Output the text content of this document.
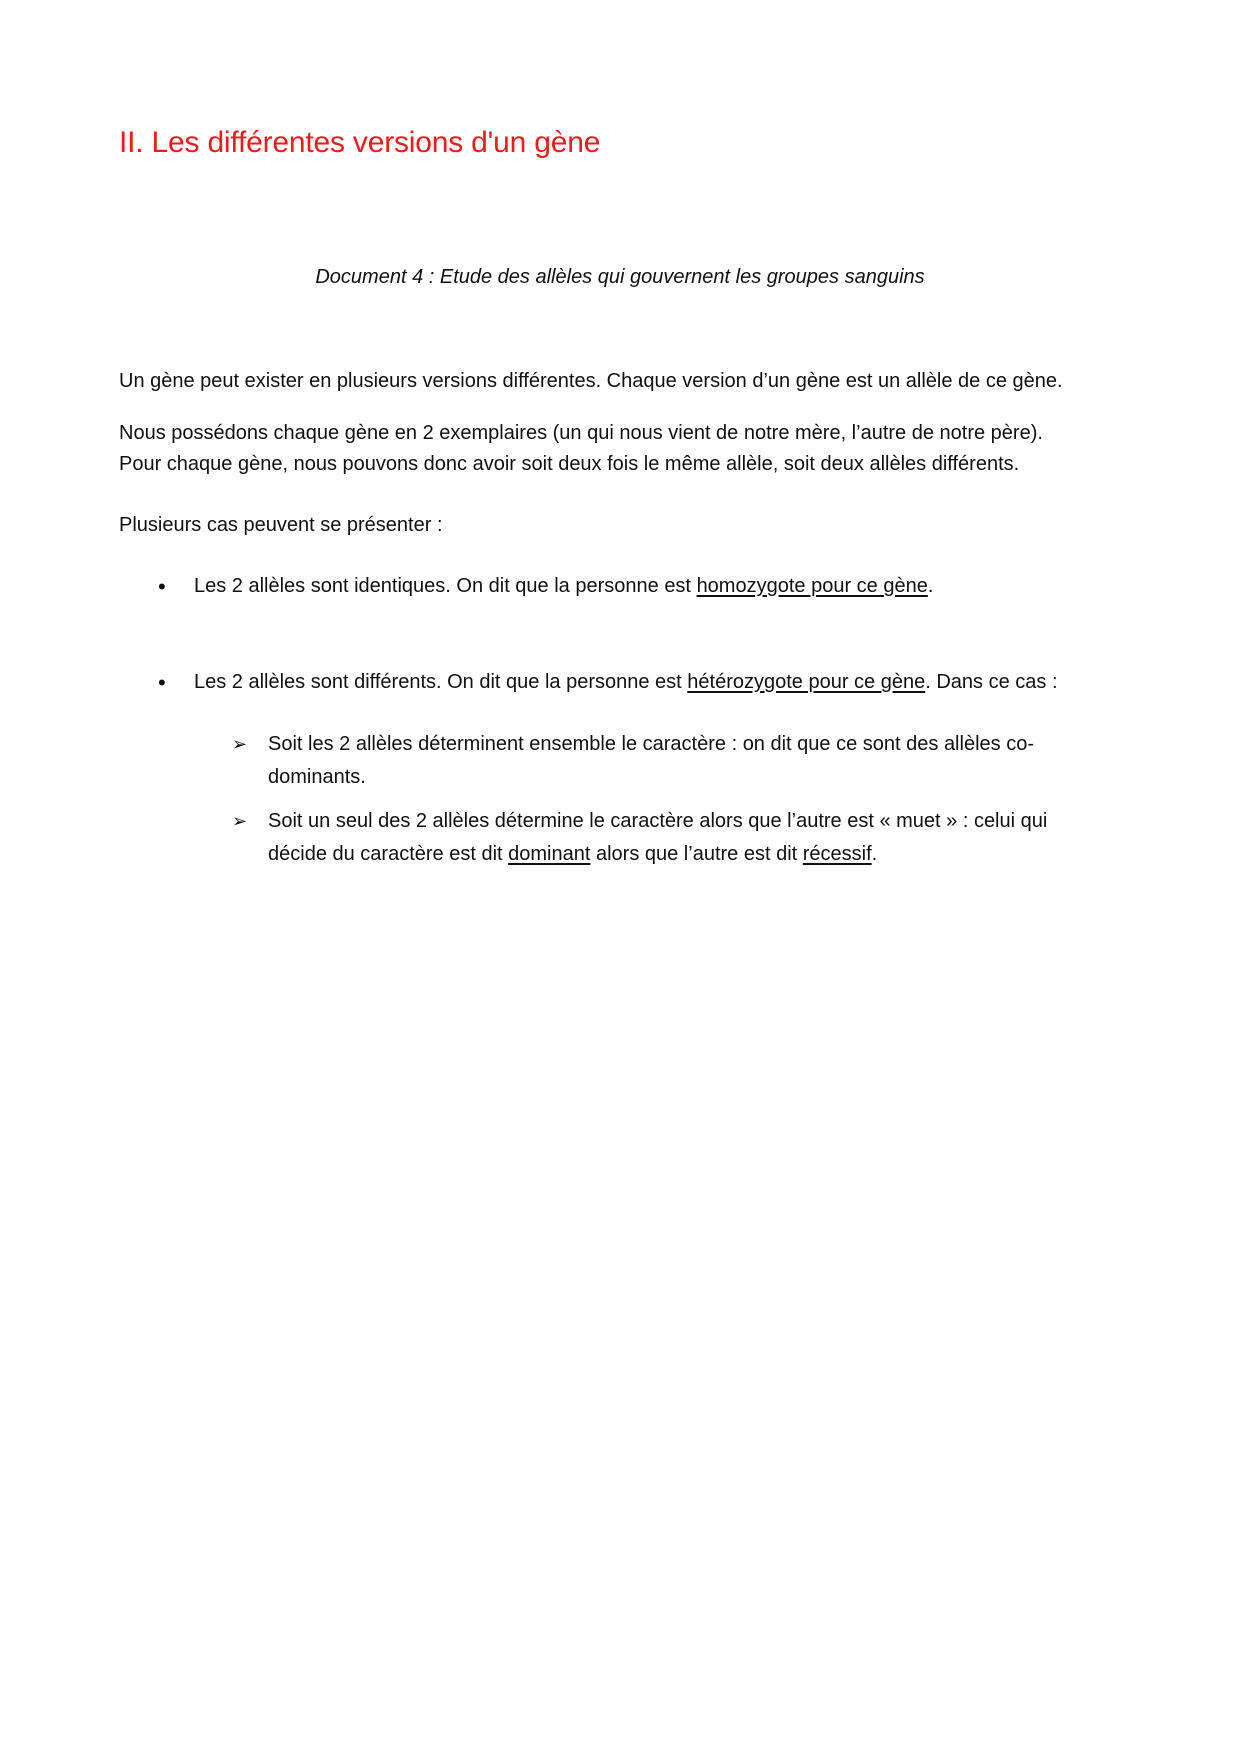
II. Les différentes versions d'un gène
Document 4 : Etude des allèles qui gouvernent les groupes sanguins
Un gène peut exister en plusieurs versions différentes. Chaque version d’un gène est un allèle de ce gène.
Nous possédons chaque gène en 2 exemplaires (un qui nous vient de notre mère, l’autre de notre père).
Pour chaque gène, nous pouvons donc avoir soit deux fois le même allèle, soit deux allèles différents.
Plusieurs cas peuvent se présenter :
• Les 2 allèles sont identiques. On dit que la personne est homozygote pour ce gène.
• Les 2 allèles sont différents. On dit que la personne est hétérozygote pour ce gène. Dans ce cas :
➢ Soit les 2 allèles déterminent ensemble le caractère : on dit que ce sont des allèles co-
dominants.
➢ Soit un seul des 2 allèles détermine le caractère alors que l’autre est « muet » : celui qui
décide du caractère est dit dominant alors que l’autre est dit récessif.
